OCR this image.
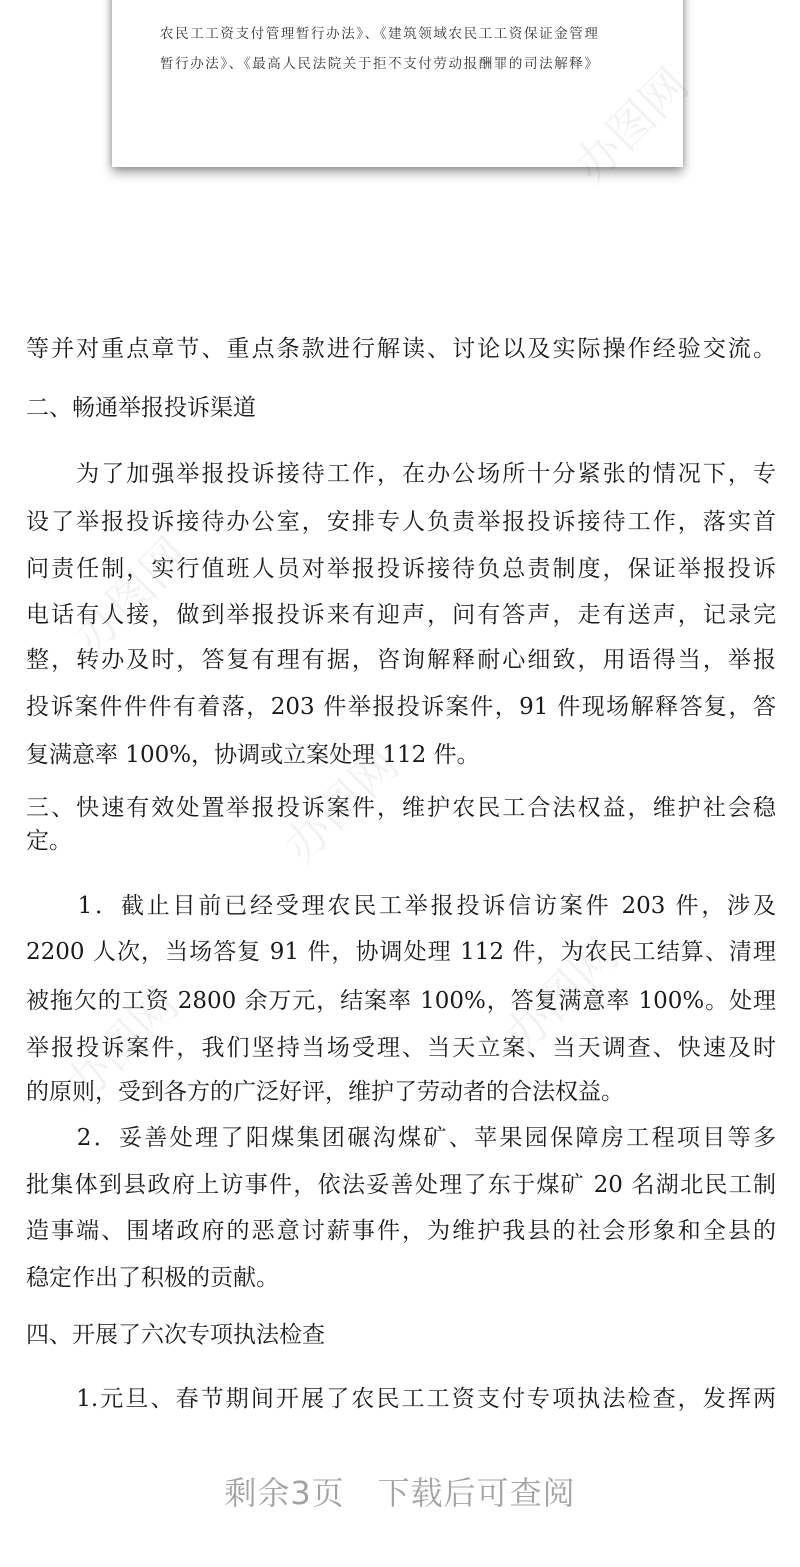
农民工工资支付管理暂行办法》、《建筑领域农民工工资保证金管理
暂行办法》、《最高人民法院关于拒不支付劳动报酬罪的司法解释》
办图网
办图网
办图网	办图网
等并对重点章节、重点条款进行解读、讨论以及实际操作经验交流。
二、畅通举报投诉渠道
　　为了加强举报投诉接待工作，在办公场所十分紧张的情况下，专
设了举报投诉接待办公室，安排专人负责举报投诉接待工作，落实首
问责任制，实行值班人员对举报投诉接待负总责制度，保证举报投诉
电话有人接，做到举报投诉来有迎声，问有答声，走有送声，记录完
整，转办及时，答复有理有据，咨询解释耐心细致，用语得当，举报
投诉案件件件有着落，203 件举报投诉案件，91 件现场解释答复，答
复满意率 100%，协调或立案处理 112 件。
三、快速有效处置举报投诉案件，维护农民工合法权益，维护社会稳
定。
　　1．截止目前已经受理农民工举报投诉信访案件 203 件，涉及
2200 人次，当场答复 91 件，协调处理 112 件，为农民工结算、清理
被拖欠的工资 2800 余万元，结案率 100%，答复满意率 100%。处理
举报投诉案件，我们坚持当场受理、当天立案、当天调查、快速及时
的原则，受到各方的广泛好评，维护了劳动者的合法权益。
　　2．妥善处理了阳煤集团碾沟煤矿、苹果园保障房工程项目等多
批集体到县政府上访事件，依法妥善处理了东于煤矿 20 名湖北民工制
造事端、围堵政府的恶意讨薪事件，为维护我县的社会形象和全县的
稳定作出了积极的贡献。
四、开展了六次专项执法检查
　　1.元旦、春节期间开展了农民工工资支付专项执法检查，发挥两
剩余3页　下载后可查阅
